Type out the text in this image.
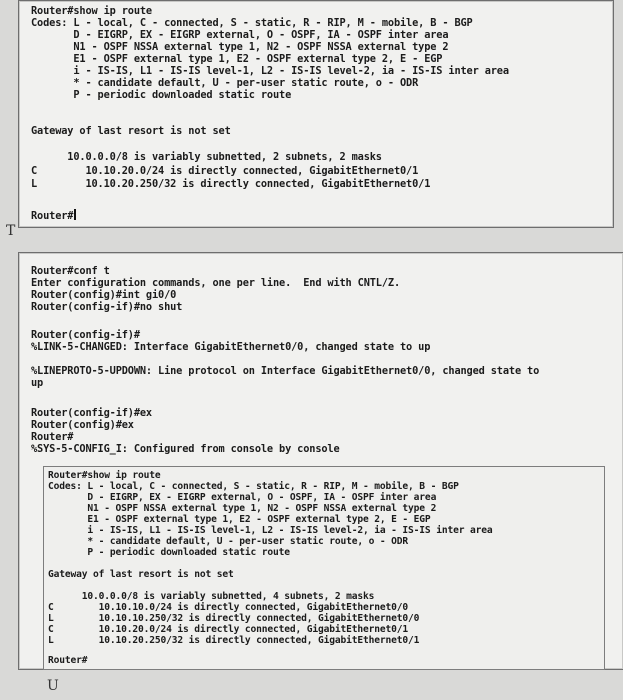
Router#show ip route
Codes: L - local, C - connected, S - static, R - RIP, M - mobile, B - BGP
D - EIGRP, EX - EIGRP external, O - OSPF, IA - OSPF inter area
N1 - OSPF NSSA external type 1, N2 - OSPF NSSA external type 2
E1 - OSPF external type 1, E2 - OSPF external type 2, E - EGP
i - IS-IS, L1 - IS-IS level-1, L2 - IS-IS level-2, ia - IS-IS inter area
* - candidate default, U - per-user static route, o - ODR
P - periodic downloaded static route
Gateway of last resort is not set
10.0.0.0/8 is variably subnetted, 2 subnets, 2 masks
C        10.10.20.0/24 is directly connected, GigabitEthernet0/1
L        10.10.20.250/32 is directly connected, GigabitEthernet0/1
Router#
T
Router#conf t
Enter configuration commands, one per line.  End with CNTL/Z.
Router(config)#int gi0/0
Router(config-if)#no shut
Router(config-if)#
%LINK-5-CHANGED: Interface GigabitEthernet0/0, changed state to up
%LINEPROTO-5-UPDOWN: Line protocol on Interface GigabitEthernet0/0, changed state to
up
Router(config-if)#ex
Router(config)#ex
Router#
%SYS-5-CONFIG_I: Configured from console by console
Router#show ip route
Codes: L - local, C - connected, S - static, R - RIP, M - mobile, B - BGP
D - EIGRP, EX - EIGRP external, O - OSPF, IA - OSPF inter area
N1 - OSPF NSSA external type 1, N2 - OSPF NSSA external type 2
E1 - OSPF external type 1, E2 - OSPF external type 2, E - EGP
i - IS-IS, L1 - IS-IS level-1, L2 - IS-IS level-2, ia - IS-IS inter area
* - candidate default, U - per-user static route, o - ODR
P - periodic downloaded static route
Gateway of last resort is not set
10.0.0.0/8 is variably subnetted, 4 subnets, 2 masks
C        10.10.10.0/24 is directly connected, GigabitEthernet0/0
L        10.10.10.250/32 is directly connected, GigabitEthernet0/0
C        10.10.20.0/24 is directly connected, GigabitEthernet0/1
L        10.10.20.250/32 is directly connected, GigabitEthernet0/1
Router#
U
